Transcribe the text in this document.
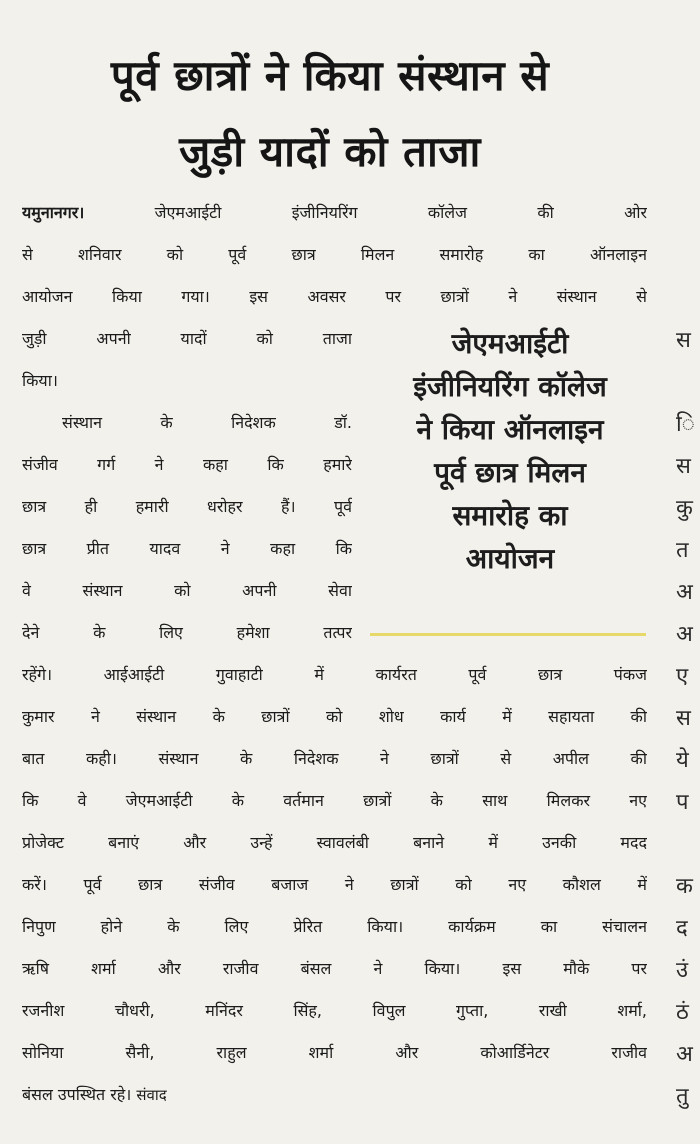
पूर्व छात्रों ने किया संस्थान से
जुड़ी यादों को ताजा
यमुनानगर। जेएमआईटी इंजीनियरिंग कॉलेज की ओर
से शनिवार को पूर्व छात्र मिलन समारोह का ऑनलाइन
आयोजन किया गया। इस अवसर पर छात्रों ने संस्थान से
जुड़ी अपनी यादों को ताजा
किया।
संस्थान के निदेशक डॉ.
संजीव गर्ग ने कहा कि हमारे
छात्र ही हमारी धरोहर हैं। पूर्व
छात्र प्रीत यादव ने कहा कि
वे संस्थान को अपनी सेवा
देने के लिए हमेशा तत्पर
रहेंगे। आईआईटी गुवाहाटी में कार्यरत पूर्व छात्र पंकज
कुमार ने संस्थान के छात्रों को शोध कार्य में सहायता की
बात कही। संस्थान के निदेशक ने छात्रों से अपील की
कि वे जेएमआईटी के वर्तमान छात्रों के साथ मिलकर नए
प्रोजेक्ट बनाएं और उन्हें स्वावलंबी बनाने में उनकी मदद
करें। पूर्व छात्र संजीव बजाज ने छात्रों को नए कौशल में
निपुण होने के लिए प्रेरित किया। कार्यक्रम का संचालन
ऋषि शर्मा और राजीव बंसल ने किया। इस मौके पर
रजनीश चौधरी, मनिंदर सिंह, विपुल गुप्ता, राखी शर्मा,
सोनिया सैनी, राहुल शर्मा और कोआर्डिनेटर राजीव
बंसल उपस्थित रहे। संवाद
जेएमआईटी
इंजीनियरिंग कॉलेज
ने किया ऑनलाइन
पूर्व छात्र मिलन
समारोह का
आयोजन
स
ि
स
कु
त
अ
अ
ए
स
ये
प
क
द
उं
ठं
अ
तु
